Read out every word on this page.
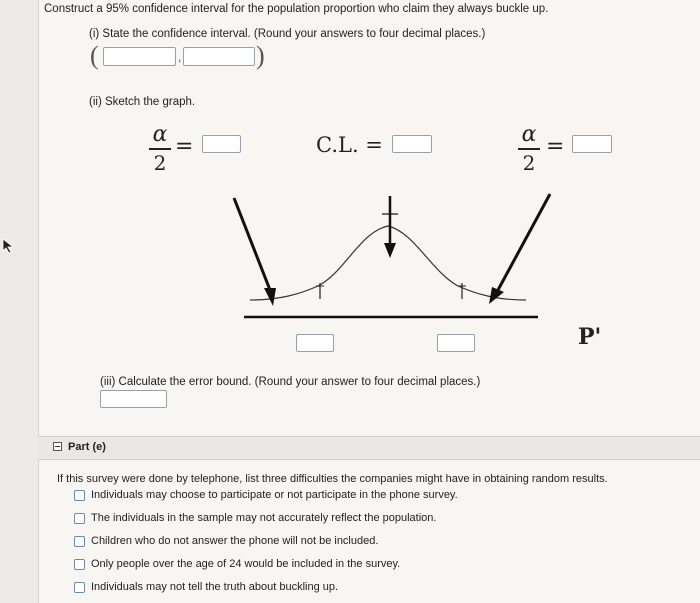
Construct a 95% confidence interval for the population proportion who claim they always buckle up.
(i) State the confidence interval. (Round your answers to four decimal places.)
(	,	)
(ii) Sketch the graph.
α
2
=	C.L. =	α
2
=
P'
(iii) Calculate the error bound. (Round your answer to four decimal places.)
Part (e)
If this survey were done by telephone, list three difficulties the companies might have in obtaining random results.
Individuals may choose to participate or not participate in the phone survey.
The individuals in the sample may not accurately reflect the population.
Children who do not answer the phone will not be included.
Only people over the age of 24 would be included in the survey.
Individuals may not tell the truth about buckling up.
